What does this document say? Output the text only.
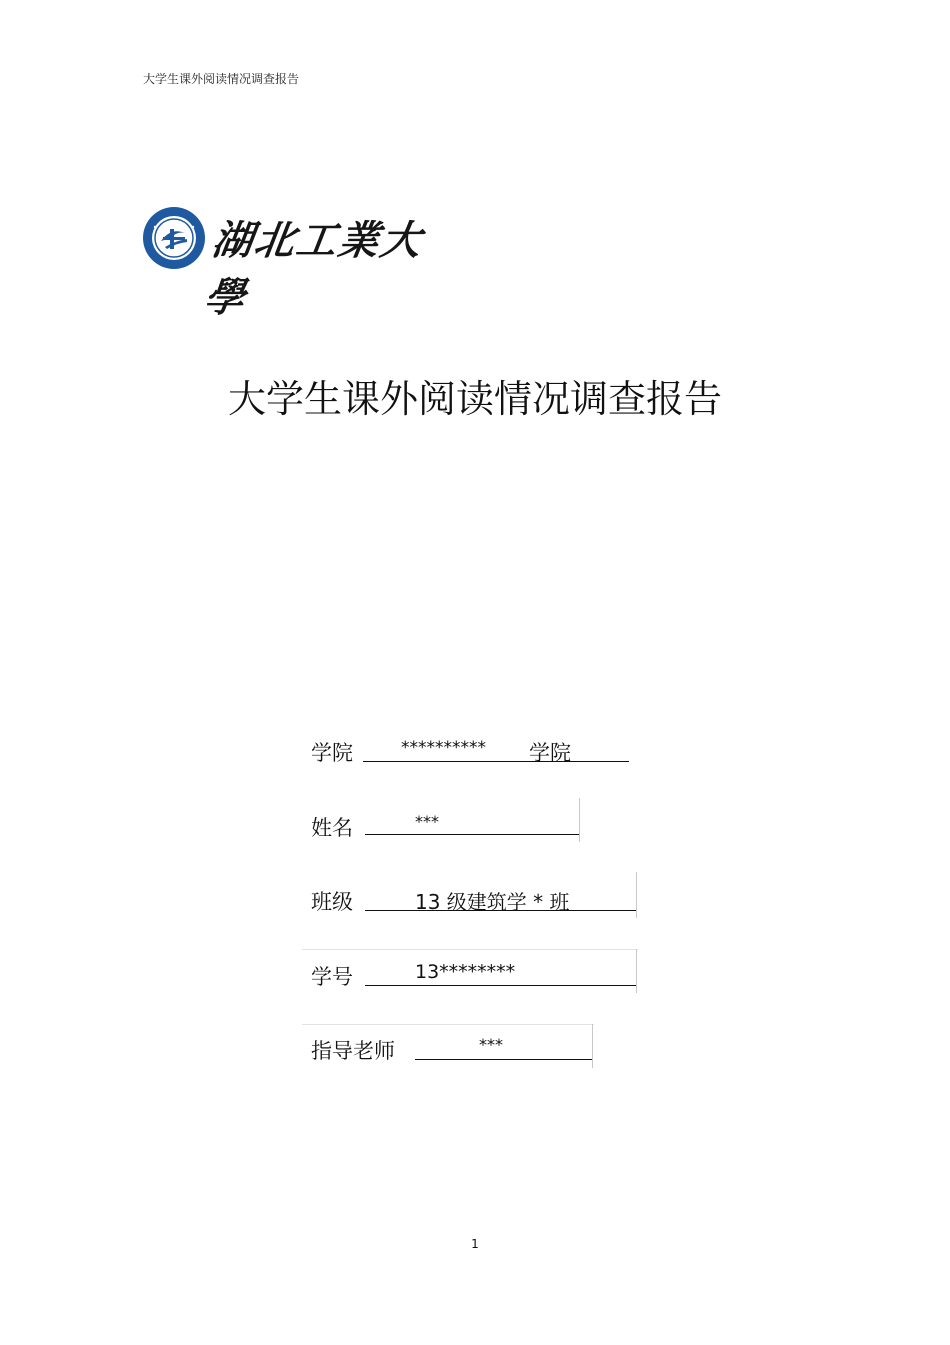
大学生课外阅读情况调查报告
湖北工業大學
大学生课外阅读情况调查报告
学院	********** 学院
姓名	***
班级	13 级建筑学 * 班
学号	13********
指导老师	***
1
